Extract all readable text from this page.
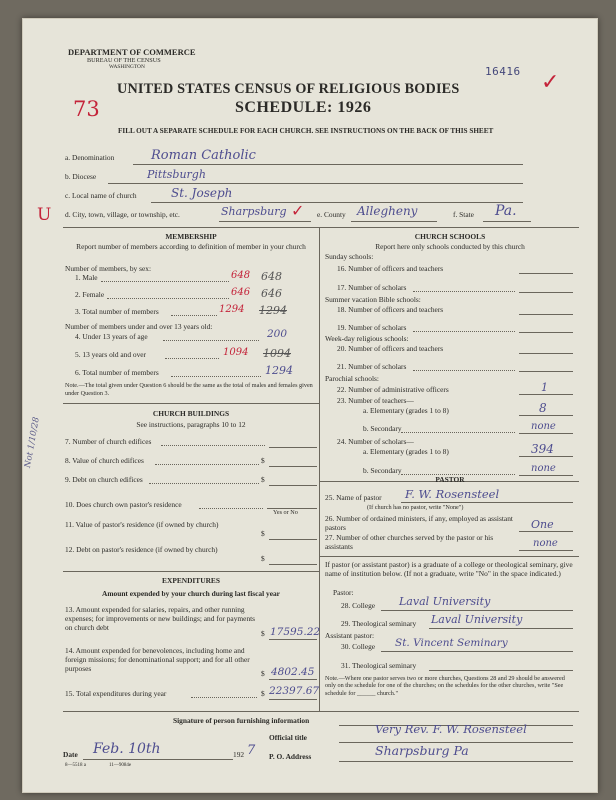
DEPARTMENT OF COMMERCE
BUREAU OF THE CENSUS
WASHINGTON	16416 ✓
73
UNITED STATES CENSUS OF RELIGIOUS BODIES
SCHEDULE: 1926
FILL OUT A SEPARATE SCHEDULE FOR EACH CHURCH. SEE INSTRUCTIONS ON THE BACK OF THIS SHEET
a. Denomination	Roman Catholic
b. Diocese	Pittsburgh
c. Local name of church	St. Joseph
U d. City, town, village, or township, etc.	Sharpsburg ✓ e. County Allegheny	f. State Pa.
MEMBERSHIP
Report number of members according to definition of member in your church
Number of members, by sex:
1. Male	648 648
2. Female	646 646
3. Total number of members	1294 1294
Number of members under and over 13 years old:
4. Under 13 years of age	200
5. 13 years old and over	1094 1094
6. Total number of members	1294
Note.—The total given under Question 6 should be the same as the total of males and females given under Question 3.
CHURCH BUILDINGS
See instructions, paragraphs 10 to 12
Not 1/10/28	7. Number of church edifices
8. Value of church edifices	$
9. Debt on church edifices	$
10. Does church own pastor's residence
Yes or No
11. Value of pastor's residence (if owned by church)
$
12. Debt on pastor's residence (if owned by church)
$
EXPENDITURES
Amount expended by your church during last fiscal year
13. Amount expended for salaries, repairs, and other running expenses; for improvements or new buildings; and for payments on church debt
$ 17595.22
14. Amount expended for benevolences, including home and foreign missions; for denominational support; and for all other purposes
$ 4802.45
15. Total expenditures during year	$ 22397.67
CHURCH SCHOOLS
Report here only schools conducted by this church
Sunday schools:
16. Number of officers and teachers
17. Number of scholars
Summer vacation Bible schools:
18. Number of officers and teachers
19. Number of scholars
Week-day religious schools:
20. Number of officers and teachers
21. Number of scholars
Parochial schools:
22. Number of administrative officers	1
23. Number of teachers—
a. Elementary (grades 1 to 8)	8
b. Secondary	none
24. Number of scholars—
a. Elementary (grades 1 to 8)	394
b. Secondary	none
PASTOR
25. Name of pastor F. W. Rosensteel
(If church has no pastor, write "None")
26. Number of ordained ministers, if any, employed as assistant pastors	One
27. Number of other churches served by the pastor or his assistants	none
If pastor (or assistant pastor) is a graduate of a college or theological seminary, give name of institution below. (If not a graduate, write "No" in the space indicated.)
Pastor:
28. College Laval University
29. Theological seminary Laval University
Assistant pastor:
30. College St. Vincent Seminary
31. Theological seminary
Note.—Where one pastor serves two or more churches, Questions 28 and 29 should be answered only on the schedule for one of the churches; on the schedules for the other churches, write "See schedule for ______ church."
Signature of person furnishing information
Official title
Very Rev. F. W. Rosensteel
Date Feb. 10th	192 7 P. O. Address	Sharpsburg Pa
8—5518 a	11—9084e
